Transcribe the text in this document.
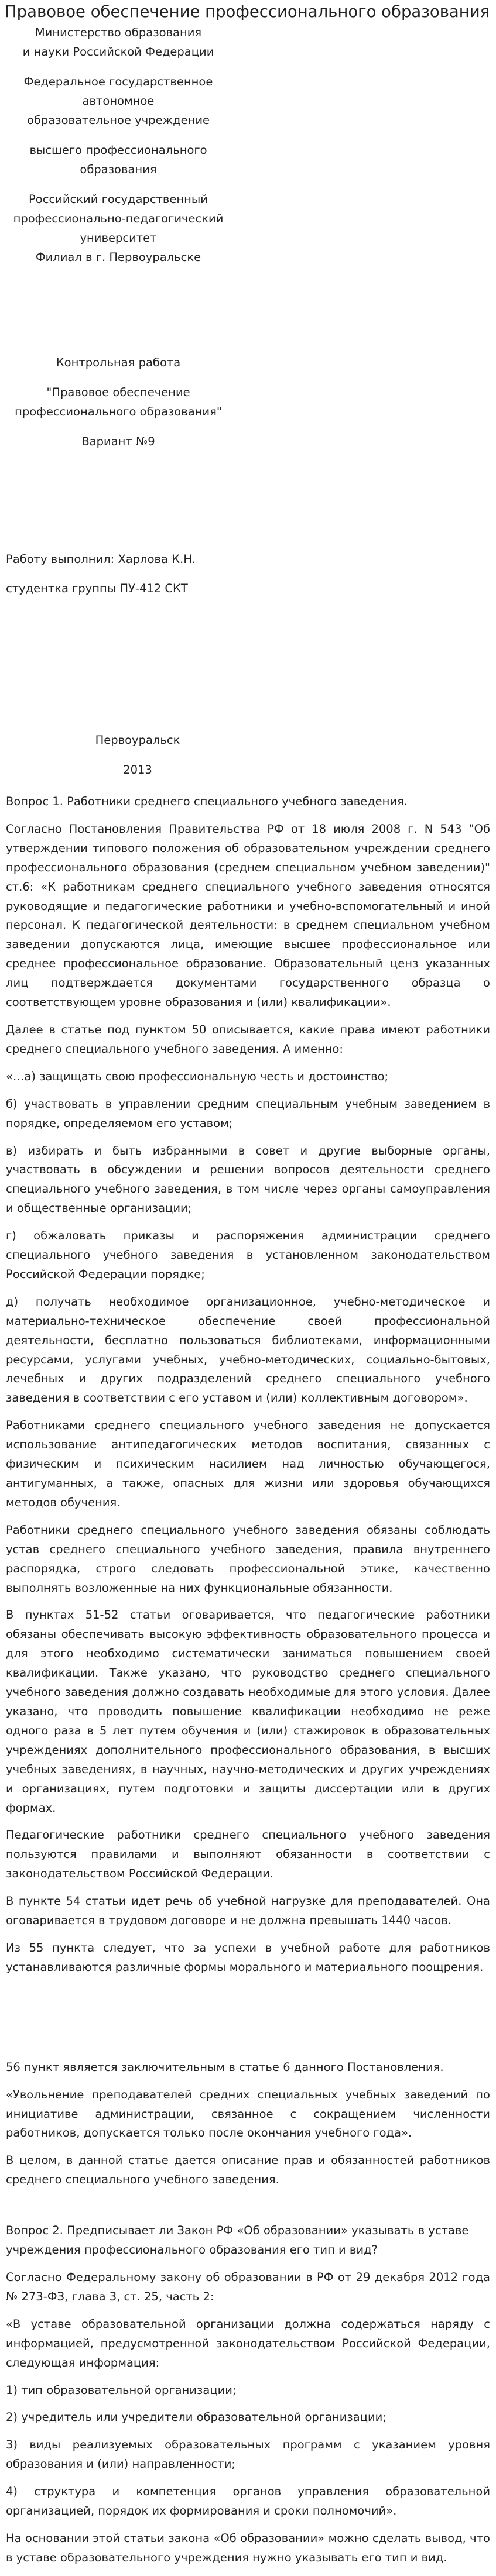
Правовое обеспечение профессионального образования

Министерство образования

и науки Российской Федерации

Федеральное государственное автономное

образовательное учреждение

высшего профессионального образования

Российский государственный

профессионально-педагогический

университет

Филиал в г. Первоуральске

Контрольная работа

"Правовое обеспечение

профессионального образования"

Вариант №9

Работу выполнил: Харлова К.Н.

студентка группы ПУ-412 СКТ

Первоуральск

2013

Вопрос 1. Работники среднего специального учебного заведения.

Согласно Постановления Правительства РФ от 18 июля 2008 г. N 543 "Об утверждении типового положения об образовательном учреждении среднего профессионального образования (среднем специальном учебном заведении)" ст.6: «К работникам среднего специального учебного заведения относятся руководящие и педагогические работники и учебно-вспомогательный и иной персонал. К педагогической деятельности: в среднем специальном учебном заведении допускаются лица, имеющие высшее профессиональное или среднее профессиональное образование. Образовательный ценз указанных лиц подтверждается документами государственного образца о соответствующем уровне образования и (или) квалификации».

Далее в статье под пунктом 50 описывается, какие права имеют работники среднего специального учебного заведения. А именно:

«…а) защищать свою профессиональную честь и достоинство;

б) участвовать в управлении средним специальным учебным заведением в порядке, определяемом его уставом;

в) избирать и быть избранными в совет и другие выборные органы, участвовать в обсуждении и решении вопросов деятельности среднего специального учебного заведения, в том числе через органы самоуправления и общественные организации;

г) обжаловать приказы и распоряжения администрации среднего специального учебного заведения в установленном законодательством Российской Федерации порядке;

д) получать необходимое организационное, учебно-методическое и материально-техническое обеспечение своей профессиональной деятельности, бесплатно пользоваться библиотеками, информационными ресурсами, услугами учебных, учебно-методических, социально-бытовых, лечебных и других подразделений среднего специального учебного заведения в соответствии с его уставом и (или) коллективным договором».

Работниками среднего специального учебного заведения не допускается использование антипедагогических методов воспитания, связанных с физическим и психическим насилием над личностью обучающегося, антигуманных, а также, опасных для жизни или здоровья обучающихся методов обучения.

Работники среднего специального учебного заведения обязаны соблюдать устав среднего специального учебного заведения, правила внутреннего распорядка, строго следовать профессиональной этике, качественно выполнять возложенные на них функциональные обязанности.

В пунктах 51-52 статьи оговаривается, что педагогические работники обязаны обеспечивать высокую эффективность образовательного процесса и для этого необходимо систематически заниматься повышением своей квалификации. Также указано, что руководство среднего специального учебного заведения должно создавать необходимые для этого условия. Далее указано, что проводить повышение квалификации необходимо не реже одного раза в 5 лет путем обучения и (или) стажировок в образовательных учреждениях дополнительного профессионального образования, в высших учебных заведениях, в научных, научно-методических и других учреждениях и организациях, путем подготовки и защиты диссертации или в других формах.

Педагогические работники среднего специального учебного заведения пользуются правилами и выполняют обязанности в соответствии с законодательством Российской Федерации.

В пункте 54 статьи идет речь об учебной нагрузке для преподавателей. Она оговаривается в трудовом договоре и не должна превышать 1440 часов.

Из 55 пункта следует, что за успехи в учебной работе для работников устанавливаются различные формы морального и материального поощрения.

56 пункт является заключительным в статье 6 данного Постановления.

«Увольнение преподавателей средних специальных учебных заведений по инициативе администрации, связанное с сокращением численности работников, допускается только после окончания учебного года».

В целом, в данной статье дается описание прав и обязанностей работников среднего специального учебного заведения.

Вопрос 2. Предписывает ли Закон РФ «Об образовании» указывать в уставе учреждения профессионального образования его тип и вид?

Согласно Федеральному закону об образовании в РФ от 29 декабря 2012 года № 273-ФЗ, глава 3, ст. 25, часть 2:

«В уставе образовательной организации должна содержаться наряду с информацией, предусмотренной законодательством Российской Федерации, следующая информация:

1) тип образовательной организации;

2) учредитель или учредители образовательной организации;

3) виды реализуемых образовательных программ с указанием уровня образования и (или) направленности;

4) структура и компетенция органов управления образовательной организацией, порядок их формирования и сроки полномочий».

На основании этой статьи закона «Об образовании» можно сделать вывод, что в уставе образовательного учреждения нужно указывать его тип и вид.
